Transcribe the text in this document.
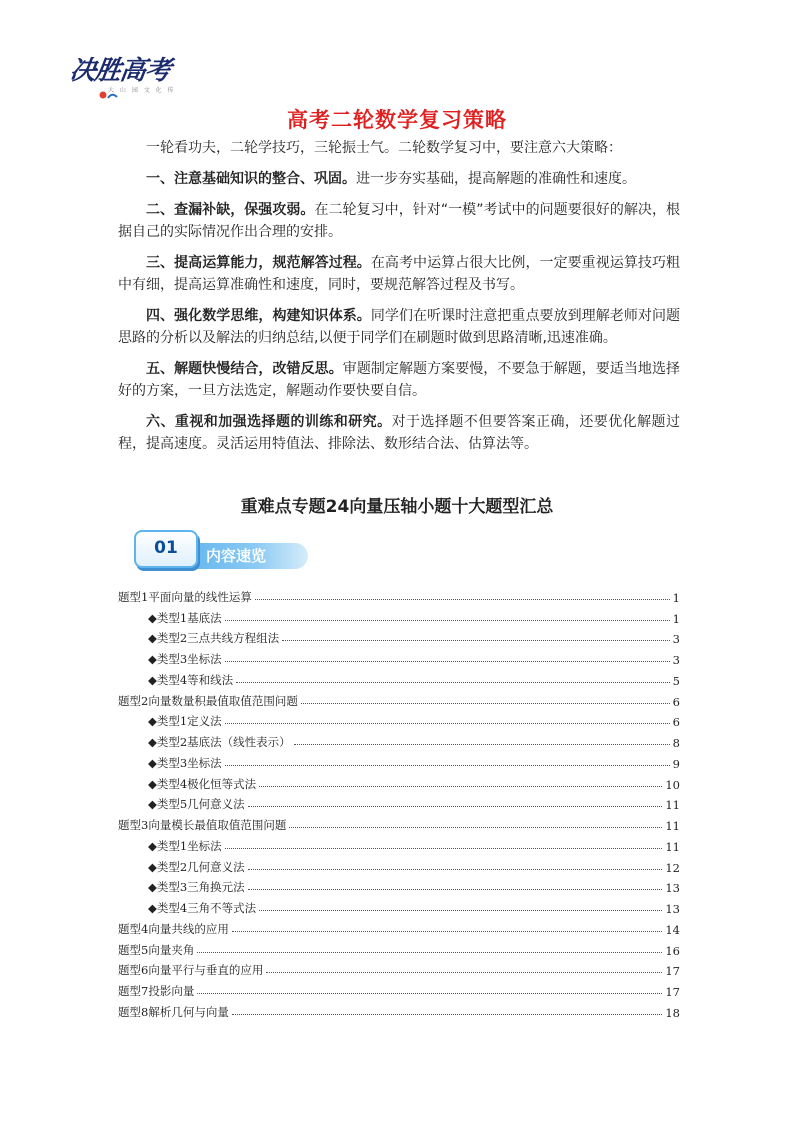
决胜高考
大 山 园 文 化 传
高考二轮数学复习策略

一轮看功夫，二轮学技巧，三轮振士气。二轮数学复习中，要注意六大策略：

一、注意基础知识的整合、巩固。进一步夯实基础，提高解题的准确性和速度。

二、查漏补缺，保强攻弱。在二轮复习中，针对“一模”考试中的问题要很好的解决，根据自己的实际情况作出合理的安排。

三、提高运算能力，规范解答过程。在高考中运算占很大比例，一定要重视运算技巧粗中有细，提高运算准确性和速度，同时，要规范解答过程及书写。

四、强化数学思维，构建知识体系。同学们在听课时注意把重点要放到理解老师对问题思路的分析以及解法的归纳总结,以便于同学们在刷题时做到思路清晰,迅速准确。

五、解题快慢结合，改错反思。审题制定解题方案要慢，不要急于解题，要适当地选择好的方案，一旦方法选定，解题动作要快要自信。

六、重视和加强选择题的训练和研究。对于选择题不但要答案正确，还要优化解题过程，提高速度。灵活运用特值法、排除法、数形结合法、估算法等。

重难点专题24向量压轴小题十大题型汇总
01	内容速览
题型1平面向量的线性运算	1
◆类型1基底法	1
◆类型2三点共线方程组法	3
◆类型3坐标法	3
◆类型4等和线法	5
题型2向量数量积最值取值范围问题	6
◆类型1定义法	6
◆类型2基底法（线性表示）	8
◆类型3坐标法	9
◆类型4极化恒等式法	10
◆类型5几何意义法	11
题型3向量模长最值取值范围问题	11
◆类型1坐标法	11
◆类型2几何意义法	12
◆类型3三角换元法	13
◆类型4三角不等式法	13
题型4向量共线的应用	14
题型5向量夹角	16
题型6向量平行与垂直的应用	17
题型7投影向量	17
题型8解析几何与向量	18
